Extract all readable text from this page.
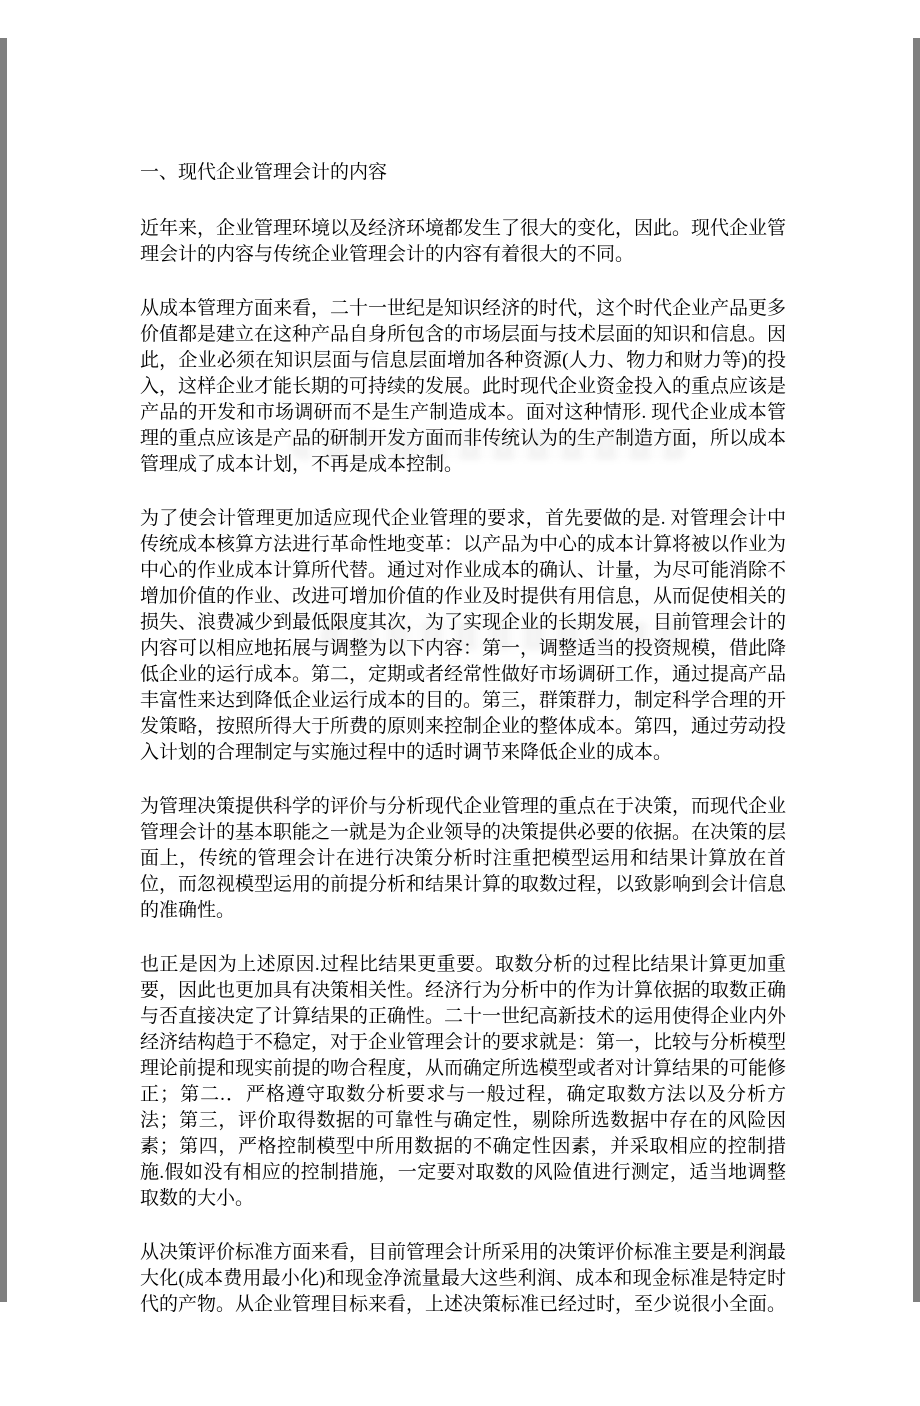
一、现代企业管理会计的内容

近年来，企业管理环境以及经济环境都发生了很大的变化，因此。现代企业管理会计的内容与传统企业管理会计的内容有着很大的不同。

从成本管理方面来看，二十一世纪是知识经济的时代，这个时代企业产品更多价值都是建立在这种产品自身所包含的市场层面与技术层面的知识和信息。因此，企业必须在知识层面与信息层面增加各种资源(人力、物力和财力等)的投入，这样企业才能长期的可持续的发展。此时现代企业资金投入的重点应该是产品的开发和市场调研而不是生产制造成本。面对这种情形. 现代企业成本管理的重点应该是产品的研制开发方面而非传统认为的生产制造方面，所以成本管理成了成本计划，不再是成本控制。

为了使会计管理更加适应现代企业管理的要求，首先要做的是. 对管理会计中传统成本核算方法进行革命性地变革：以产品为中心的成本计算将被以作业为中心的作业成本计算所代替。通过对作业成本的确认、计量，为尽可能消除不增加价值的作业、改进可增加价值的作业及时提供有用信息，从而促使相关的损失、浪费减少到最低限度其次，为了实现企业的长期发展，目前管理会计的内容可以相应地拓展与调整为以下内容：第一，调整适当的投资规模，借此降低企业的运行成本。第二，定期或者经常性做好市场调研工作，通过提高产品丰富性来达到降低企业运行成本的目的。第三，群策群力，制定科学合理的开发策略，按照所得大于所费的原则来控制企业的整体成本。第四，通过劳动投入计划的合理制定与实施过程中的适时调节来降低企业的成本。

为管理决策提供科学的评价与分析现代企业管理的重点在于决策，而现代企业管理会计的基本职能之一就是为企业领导的决策提供必要的依据。在决策的层面上，传统的管理会计在进行决策分析时注重把模型运用和结果计算放在首位，而忽视模型运用的前提分析和结果计算的取数过程，以致影响到会计信息的准确性。

也正是因为上述原因.过程比结果更重要。取数分析的过程比结果计算更加重要，因此也更加具有决策相关性。经济行为分析中的作为计算依据的取数正确与否直接决定了计算结果的正确性。二十一世纪高新技术的运用使得企业内外经济结构趋于不稳定，对于企业管理会计的要求就是：第一，比较与分析模型理论前提和现实前提的吻合程度，从而确定所选模型或者对计算结果的可能修正；第二.．严格遵守取数分析要求与一般过程，确定取数方法以及分析方法；第三，评价取得数据的可靠性与确定性，剔除所选数据中存在的风险因素；第四，严格控制模型中所用数据的不确定性因素，并采取相应的控制措施.假如没有相应的控制措施，一定要对取数的风险值进行测定，适当地调整取数的大小。

从决策评价标准方面来看，目前管理会计所采用的决策评价标准主要是利润最大化(成本费用最小化)和现金净流量最大这些利润、成本和现金标准是特定时代的产物。从企业管理目标来看，上述决策标准已经过时，至少说很小全面。
